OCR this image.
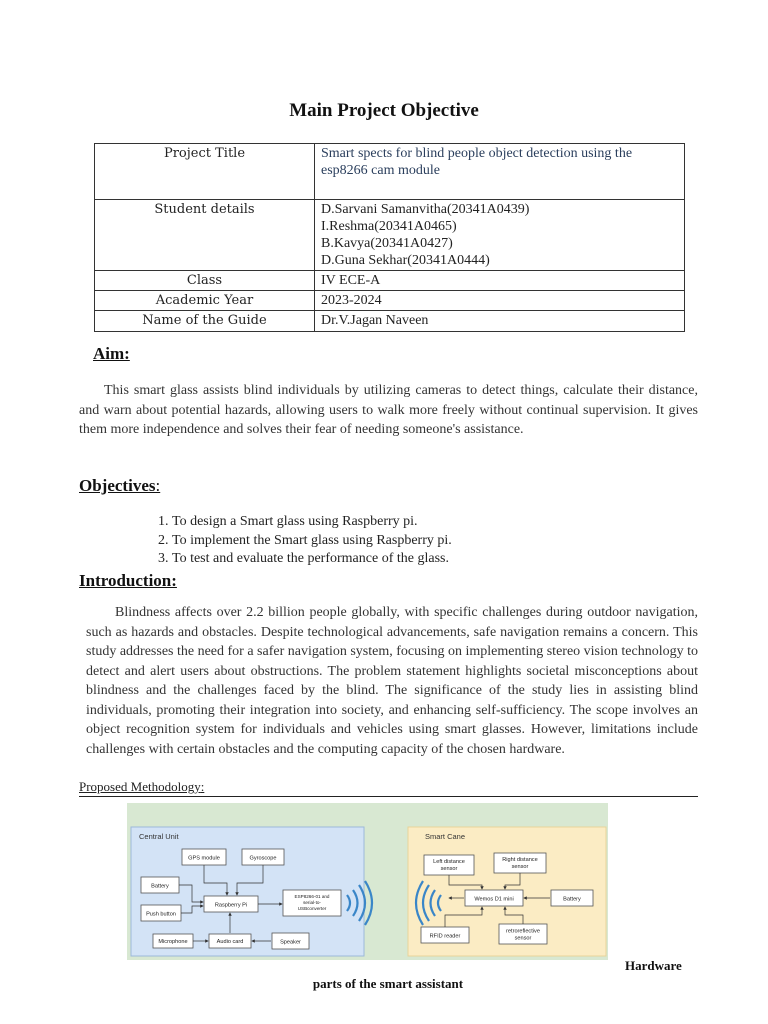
Main Project Objective
Project Title	Smart spects for blind people object detection using the esp8266 cam module
Student details	D.Sarvani Samanvitha(20341A0439)
I.Reshma(20341A0465)
B.Kavya(20341A0427)
D.Guna Sekhar(20341A0444)

Class	IV ECE-A
Academic Year	2023-2024
Name of the Guide	Dr.V.Jagan Naveen
Aim:

This smart glass assists blind individuals by utilizing cameras to detect things, calculate their distance, and warn about potential hazards, allowing users to walk more freely without continual supervision. It gives them more independence and solves their fear of needing someone's assistance.

Objectives:
1. To design a Smart glass using Raspberry pi.
2. To implement the Smart glass using Raspberry pi.
3. To test and evaluate the performance of the glass.
Introduction:

Blindness affects over 2.2 billion people globally, with specific challenges during outdoor navigation, such as hazards and obstacles. Despite technological advancements, safe navigation remains a concern. This study addresses the need for a safer navigation system, focusing on implementing stereo vision technology to detect and alert users about obstructions. The problem statement highlights societal misconceptions about blindness and the challenges faced by the blind. The significance of the study lies in assisting blind individuals, promoting their integration into society, and enhancing self-sufficiency. The scope involves an object recognition system for individuals and vehicles using smart glasses. However, limitations include challenges with certain obstacles and the computing capacity of the chosen hardware.

Proposed Methodology:
Central Unit	Smart Cane
GPS module	Gyroscope
Battery
Raspberry Pi
Push button
ESP8266-01 and
serial-to-
USBconverter
Microphone	Audio card	Speaker
Left distance
sensor
Right distance
sensor
Wemos D1 mini	Battery
RFID reader
retroreflective
sensor
Hardware
parts of the smart assistant
